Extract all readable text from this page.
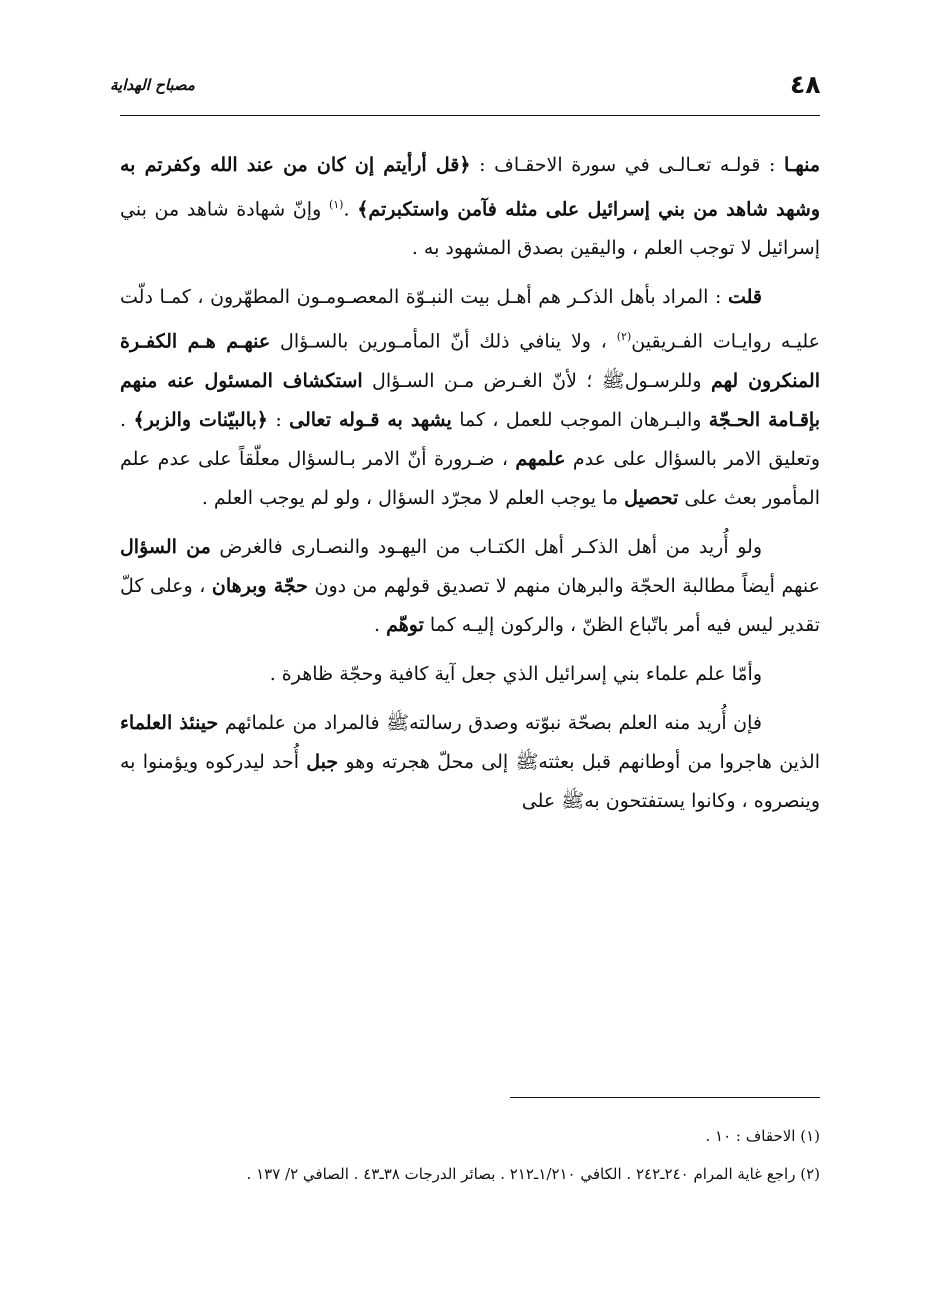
٤٨
مصباح الهداية

منهـا : قولـه تعـالـى في سورة الاحقـاف : ﴿قل أرأيتم إن كان من عند الله وكفرتم به وشهد شاهد من بني إسرائيل على مثله فآمن واستكبرتم﴾ .$^{(١)}$ وإنّ شهادة شاهد من بني إسرائيل لا توجب العلم ، واليقين بصدق المشهود به .

قلت : المراد بأهل الذكـر هم أهـل بيت النبـوّة المعصـومـون المطهّرون ، كمـا دلّت عليـه روايـات الفـريقين$^{(٢)}$ ، ولا ينافي ذلك أنّ المأمـورين بالسـؤال عنهـم هـم الكفـرة المنكرون لهم وللرسـولﷺ ؛ لأنّ الغـرض مـن السـؤال استكشاف المسئول عنه منهم بإقـامة الحـجّة والبـرهان الموجب للعمل ، كما يشهد به قـوله تعالى : ﴿بالبيّنات والزبر﴾ . وتعليق الامر بالسؤال على عدم علمهم ، ضـرورة أنّ الامر بـالسؤال معلّقاً على عدم علم المأمور بعث على تحصيل ما يوجب العلم لا مجرّد السؤال ، ولو لم يوجب العلم .

ولو أُريد من أهل الذكـر أهل الكتـاب من اليهـود والنصـارى فالغرض من السؤال عنهم أيضاً مطالبة الحجّة والبرهان منهم لا تصديق قولهم من دون حجّة وبرهان ، وعلى كلّ تقدير ليس فيه أمر باتّباع الظنّ ، والركون إليـه كما توهّم .

وأمّا علم علماء بني إسرائيل الذي جعل آية كافية وحجّة ظاهرة .

فإن أُريد منه العلم بصحّة نبوّته وصدق رسالتهﷺ فالمراد من علمائهم حينئذ العلماء الذين هاجروا من أوطانهم قبل بعثتهﷺ إلى محلّ هجرته وهو جبل أُحد ليدركوه ويؤمنوا به وينصروه ، وكانوا يستفتحون بهﷺ على

(١) الاحقاف : ١٠ .

(٢) راجع غاية المرام ٢٤٠ـ٢٤٢ . الكافي ١/٢١٠ـ٢١٢ . بصائر الدرجات ٣٨ـ٤٣ . الصافي ٢/ ١٣٧ .
